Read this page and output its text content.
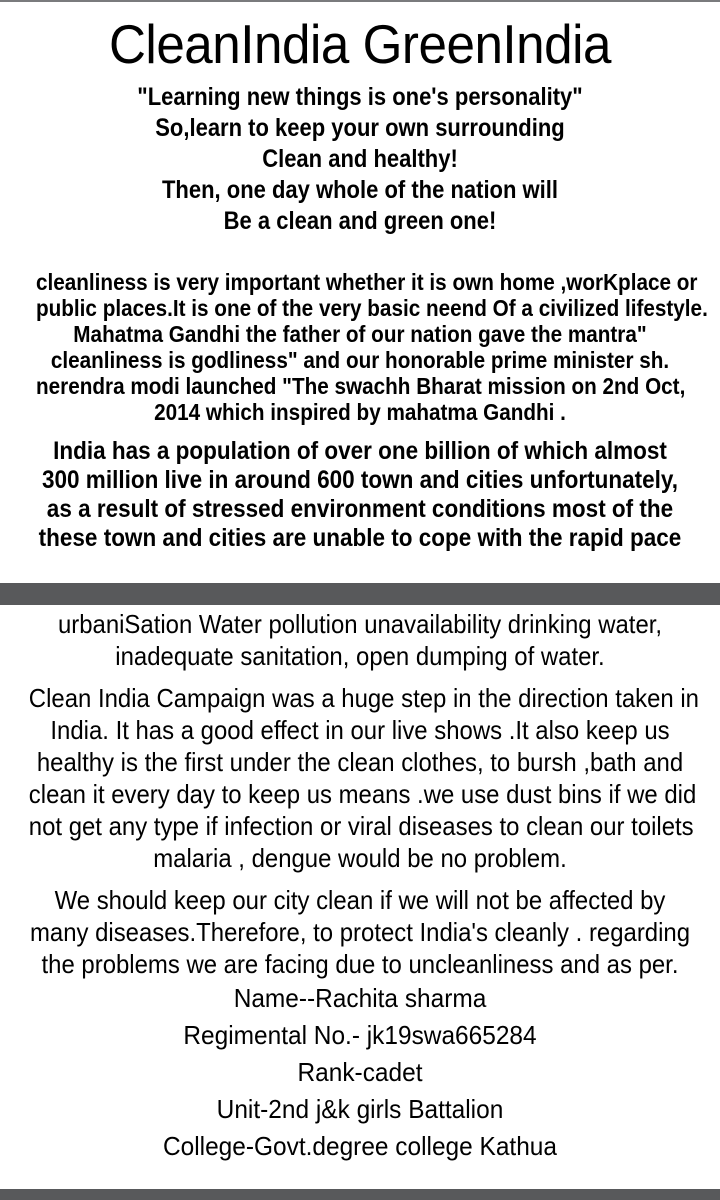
CleanIndia GreenIndia
"Learning new things is one's personality"
So,learn to keep your own surrounding
Clean and healthy!
Then, one day whole of the nation will
Be a clean and green one!
cleanliness is very important whether it is own home ,worKplace or
public places.It is one of the very basic neend Of a civilized lifestyle.
Mahatma Gandhi the father of our nation gave the mantra"
cleanliness is godliness" and our honorable prime minister sh.
nerendra modi launched "The swachh Bharat mission on 2nd Oct,
2014 which inspired by mahatma Gandhi .
India has a population of over one billion of which almost
300 million live in around 600 town and cities unfortunately,
as a result of stressed environment conditions most of the
these town and cities are unable to cope with the rapid pace
urbaniSation Water pollution unavailability drinking water,
inadequate sanitation, open dumping of water.
Clean India Campaign was a huge step in the direction taken in
India. It has a good effect in our live shows .It also keep us
healthy is the first under the clean clothes, to bursh ,bath and
clean it every day to keep us means .we use dust bins if we did
not get any type if infection or viral diseases to clean our toilets
malaria , dengue would be no problem.
We should keep our city clean if we will not be affected by
many diseases.Therefore, to protect India's cleanly . regarding
the problems we are facing due to uncleanliness and as per.
Name--Rachita sharma
Regimental No.- jk19swa665284
Rank-cadet
Unit-2nd j&k girls Battalion
College-Govt.degree college Kathua
